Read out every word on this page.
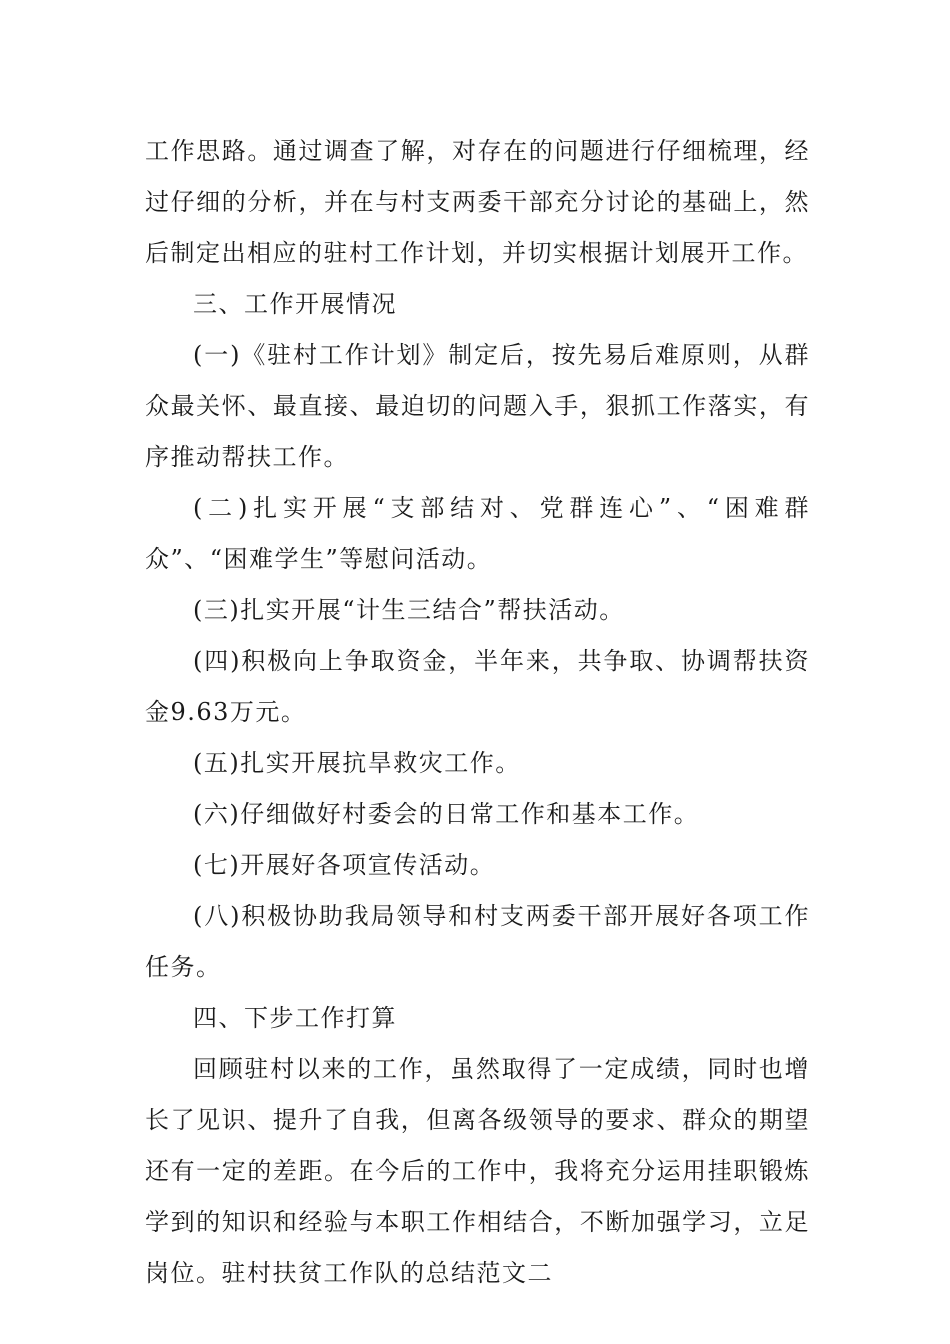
工作思路。通过调查了解，对存在的问题进行仔细梳理，经过仔细的分析，并在与村支两委干部充分讨论的基础上，然后制定出相应的驻村工作计划，并切实根据计划展开工作。

三、工作开展情况

(一)《驻村工作计划》制定后，按先易后难原则，从群众最关怀、最直接、最迫切的问题入手，狠抓工作落实，有序推动帮扶工作。

(二)扎实开展“支部结对、党群连心”、“困难群众”、“困难学生”等慰问活动。

(三)扎实开展“计生三结合”帮扶活动。

(四)积极向上争取资金，半年来，共争取、协调帮扶资金9.63万元。

(五)扎实开展抗旱救灾工作。

(六)仔细做好村委会的日常工作和基本工作。

(七)开展好各项宣传活动。

(八)积极协助我局领导和村支两委干部开展好各项工作任务。

四、下步工作打算

回顾驻村以来的工作，虽然取得了一定成绩，同时也增长了见识、提升了自我，但离各级领导的要求、群众的期望还有一定的差距。在今后的工作中，我将充分运用挂职锻炼学到的知识和经验与本职工作相结合，不断加强学习，立足岗位。驻村扶贫工作队的总结范文二
